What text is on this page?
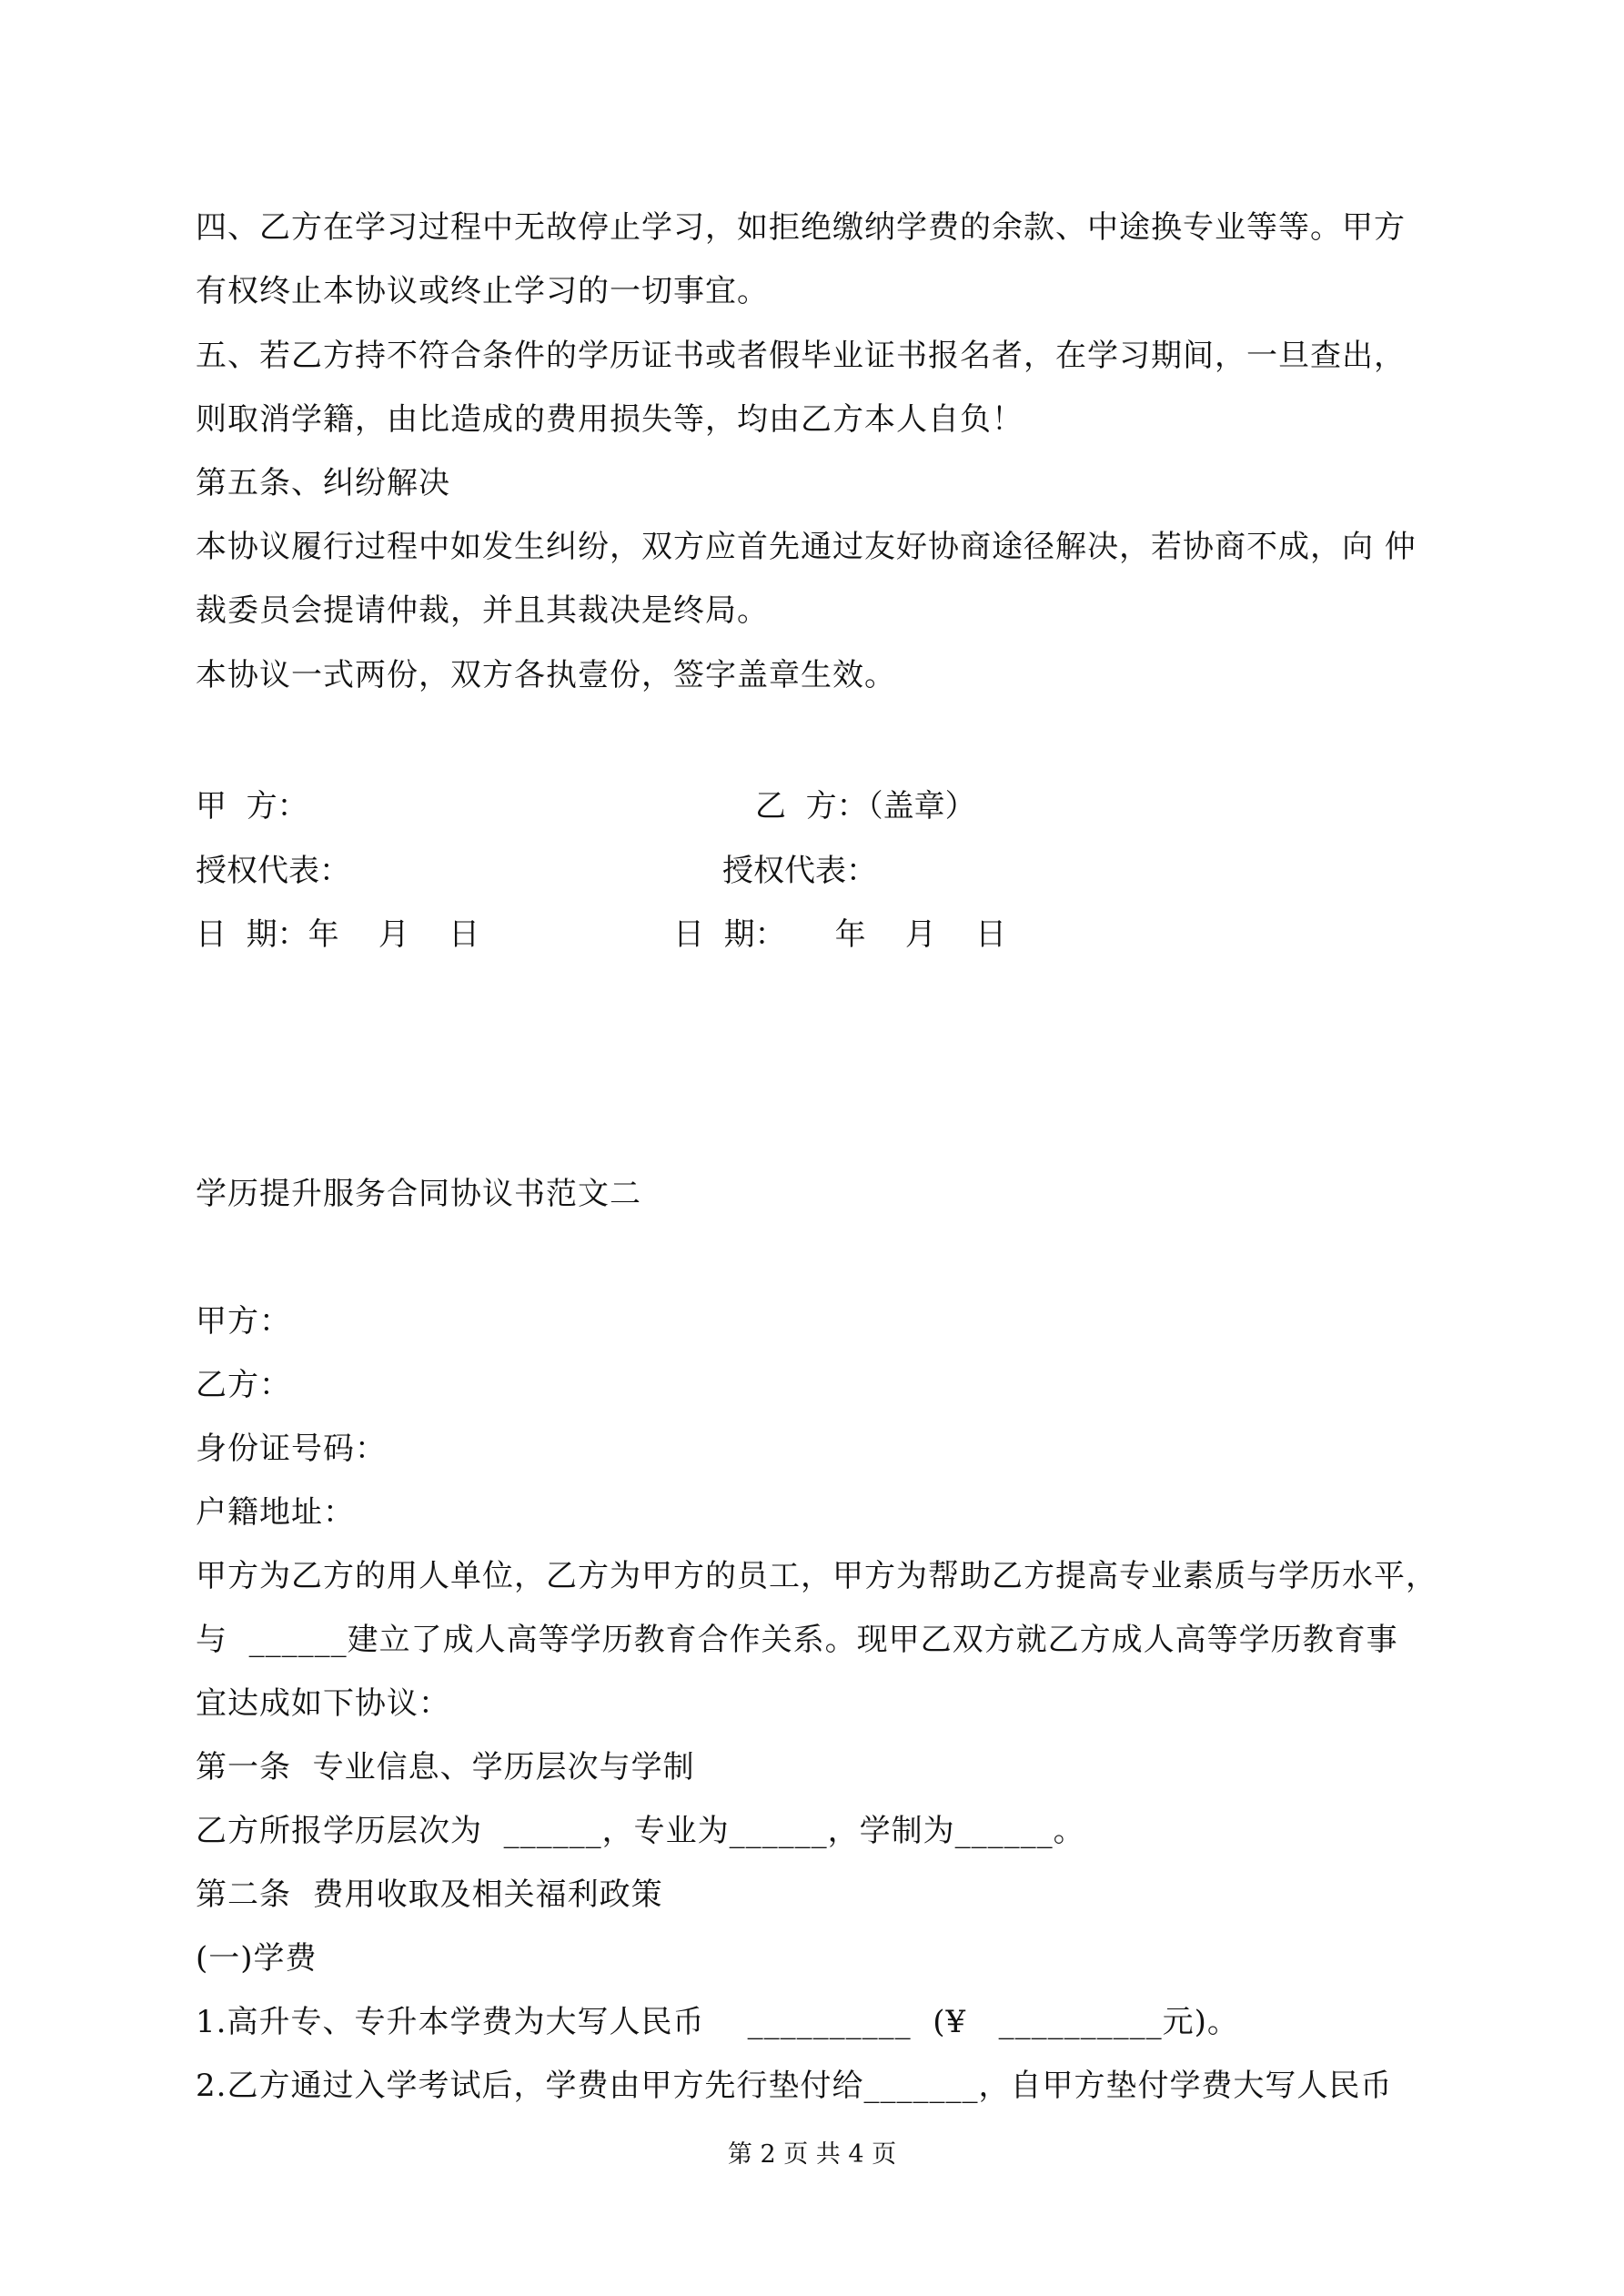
四、乙方在学习过程中无故停止学习，如拒绝缴纳学费的余款、中途换专业等等。甲方
有权终止本协议或终止学习的一切事宜。
五、若乙方持不符合条件的学历证书或者假毕业证书报名者，在学习期间，一旦查出，
则取消学籍，由比造成的费用损失等，均由乙方本人自负！
第五条、纠纷解决
本协议履行过程中如发生纠纷，双方应首先通过友好协商途径解决，若协商不成，向 仲
裁委员会提请仲裁，并且其裁决是终局。
本协议一式两份，双方各执壹份，签字盖章生效。
甲  方：	乙  方：（盖章）
授权代表：	授权代表：
日  期：年    月    日	日  期：     年    月    日
学历提升服务合同协议书范文二
甲方：
乙方：
身份证号码：
户籍地址：
甲方为乙方的用人单位，乙方为甲方的员工，甲方为帮助乙方提高专业素质与学历水平，
与  ______建立了成人高等学历教育合作关系。现甲乙双方就乙方成人高等学历教育事
宜达成如下协议：
第一条  专业信息、学历层次与学制
乙方所报学历层次为  ______，专业为______，学制为______。
第二条  费用收取及相关福利政策
(一)学费
1.高升专、专升本学费为大写人民币    __________  (¥   __________元)。
2.乙方通过入学考试后，学费由甲方先行垫付给_______，自甲方垫付学费大写人民币
第 2 页 共 4 页
